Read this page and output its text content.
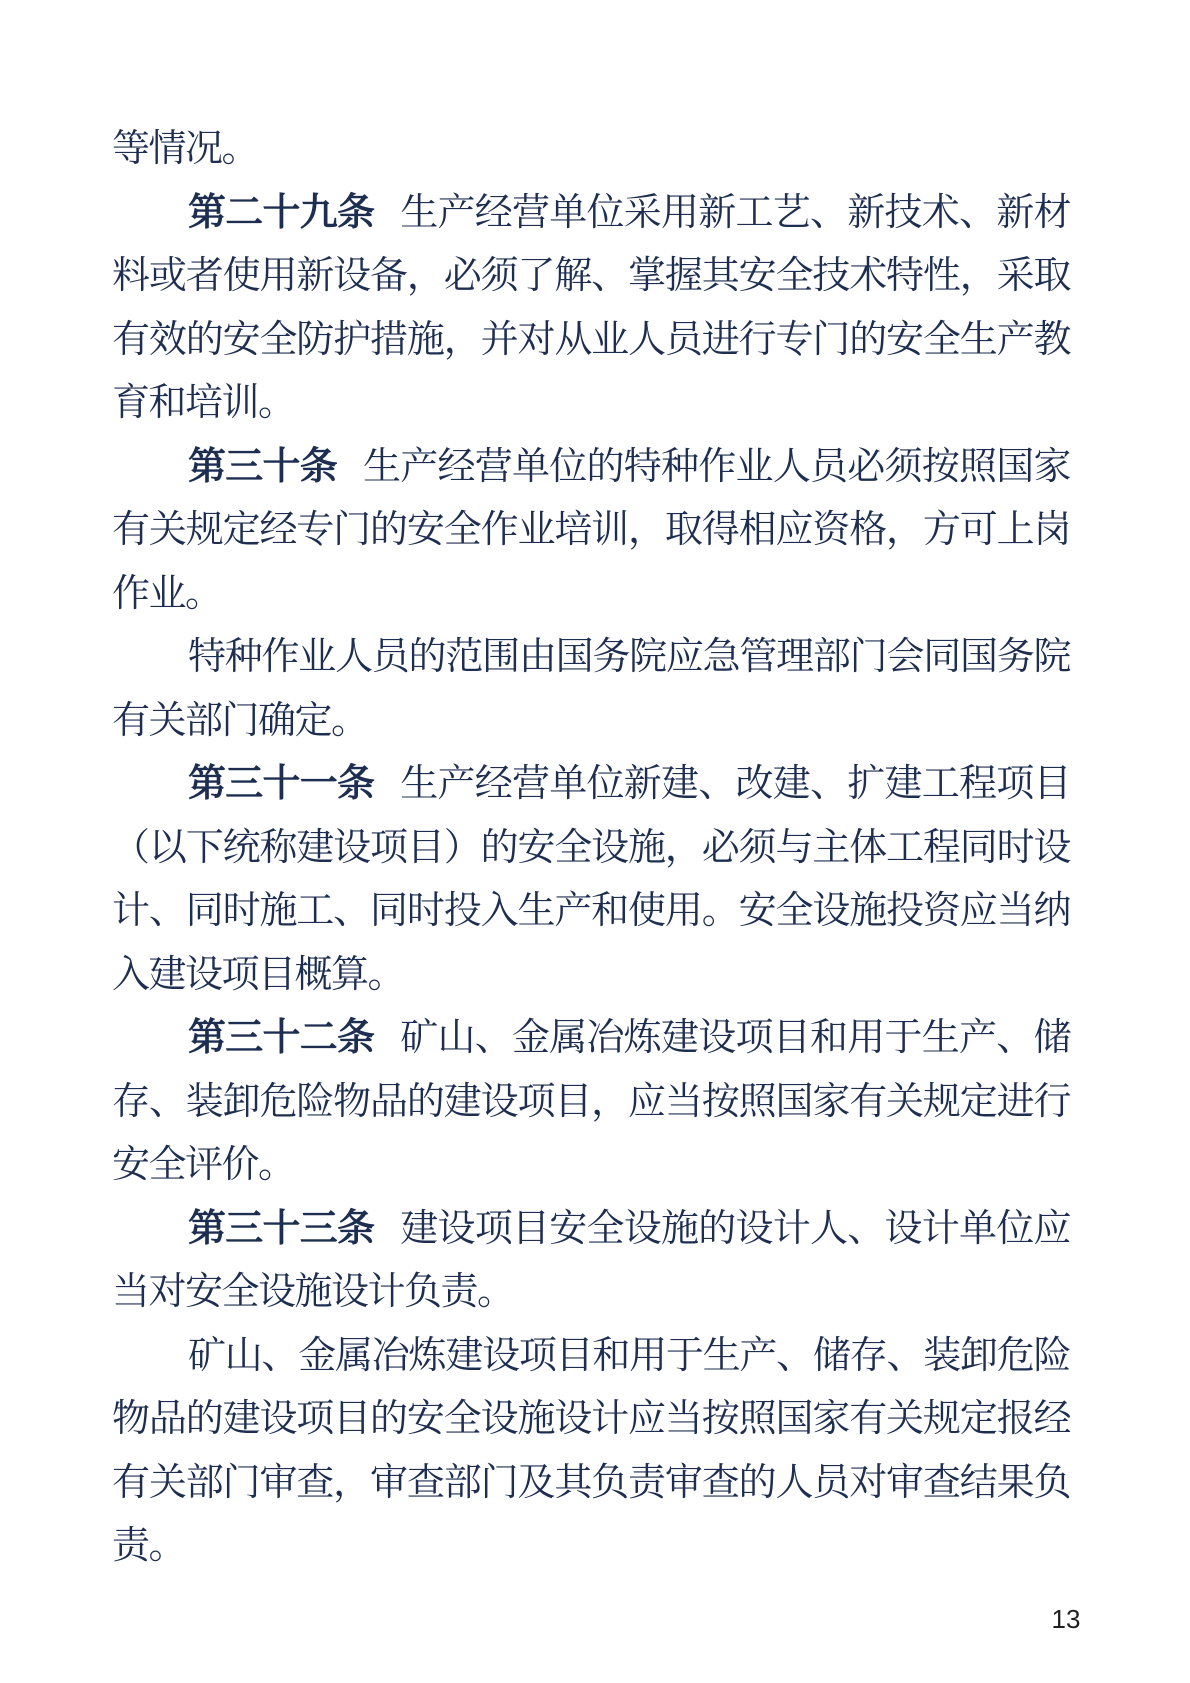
等情况。

第二十九条 生产经营单位采用新工艺、新技术、新材料或者使用新设备，必须了解、掌握其安全技术特性，采取有效的安全防护措施，并对从业人员进行专门的安全生产教育和培训。

第三十条 生产经营单位的特种作业人员必须按照国家有关规定经专门的安全作业培训，取得相应资格，方可上岗作业。

特种作业人员的范围由国务院应急管理部门会同国务院有关部门确定。

第三十一条 生产经营单位新建、改建、扩建工程项目（以下统称建设项目）的安全设施，必须与主体工程同时设计、同时施工、同时投入生产和使用。安全设施投资应当纳入建设项目概算。

第三十二条 矿山、金属冶炼建设项目和用于生产、储存、装卸危险物品的建设项目，应当按照国家有关规定进行安全评价。

第三十三条 建设项目安全设施的设计人、设计单位应当对安全设施设计负责。

矿山、金属冶炼建设项目和用于生产、储存、装卸危险物品的建设项目的安全设施设计应当按照国家有关规定报经有关部门审查，审查部门及其负责审查的人员对审查结果负责。

13
